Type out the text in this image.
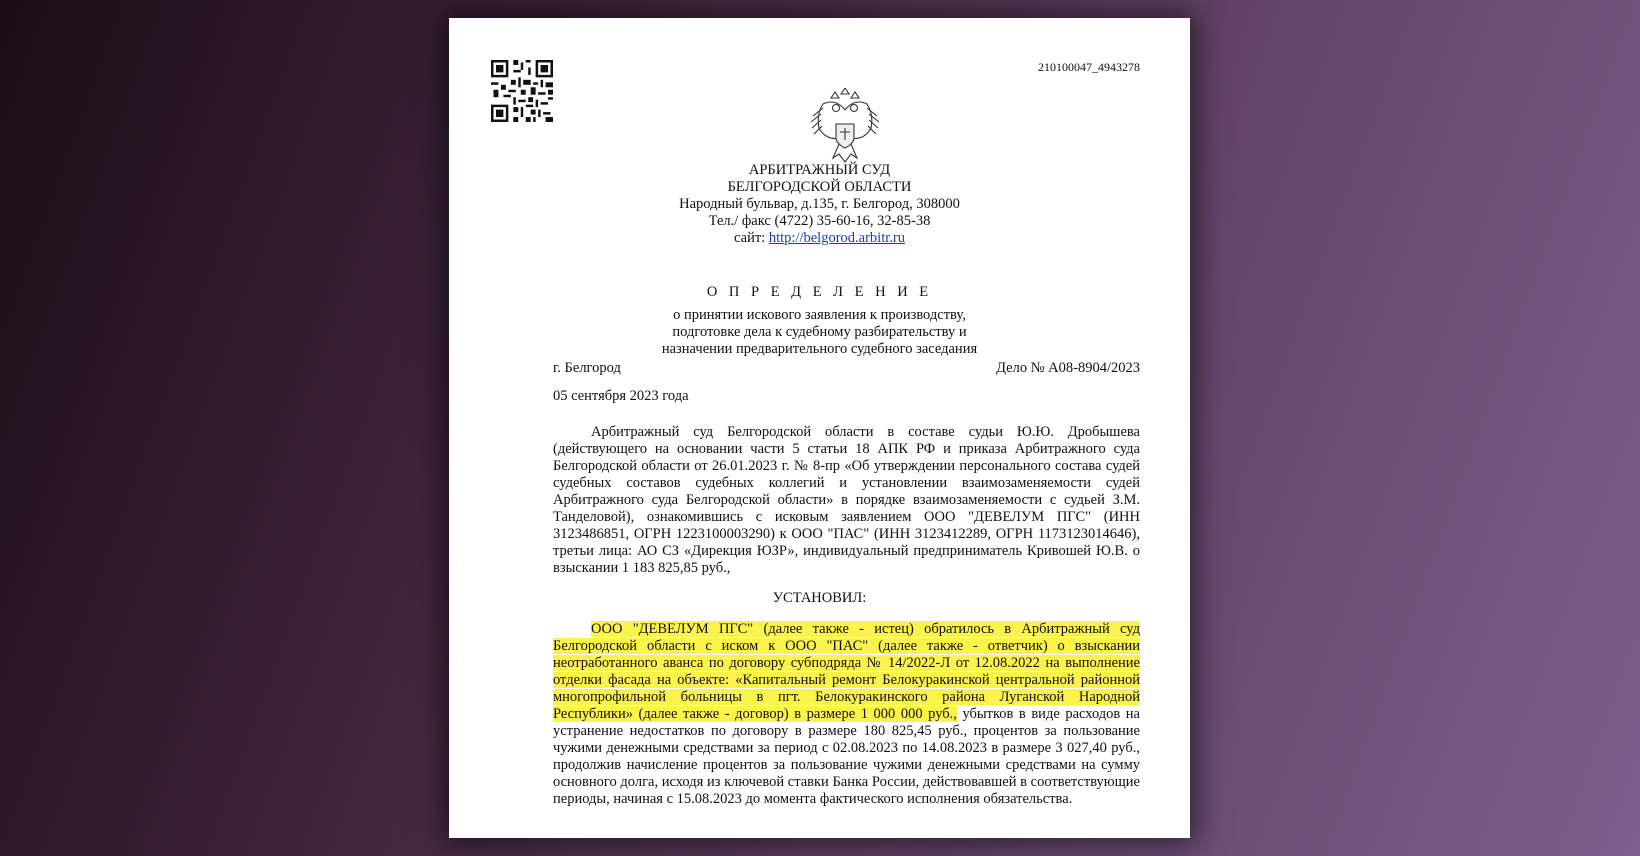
210100047_4943278
АРБИТРАЖНЫЙ СУД
БЕЛГОРОДСКОЙ ОБЛАСТИ
Народный бульвар, д.135, г. Белгород, 308000
Тел./ факс (4722) 35-60-16, 32-85-38
сайт: http://belgorod.arbitr.ru
О П Р Е Д Е Л Е Н И Е
о принятии искового заявления к производству,
подготовке дела к судебному разбирательству и
назначении предварительного судебного заседания
г. Белгород	Дело № А08-8904/2023
05 сентября 2023 года
Арбитражный суд Белгородской области в составе судьи Ю.Ю. Дробышева (действующего на основании части 5 статьи 18 АПК РФ и приказа Арбитражного суда Белгородской области от 26.01.2023 г. № 8-пр «Об утверждении персонального состава судей судебных составов судебных коллегий и установлении взаимозаменяемости судей Арбитражного суда Белгородской области» в порядке взаимозаменяемости с судьей З.М. Танделовой), ознакомившись с исковым заявлением ООО "ДЕВЕЛУМ ПГС" (ИНН 3123486851, ОГРН 1223100003290) к ООО "ПАС" (ИНН 3123412289, ОГРН 1173123014646), третьи лица: АО СЗ «Дирекция ЮЗР», индивидуальный предприниматель Кривошей Ю.В. о взыскании 1 183 825,85 руб.,
УСТАНОВИЛ:
ООО "ДЕВЕЛУМ ПГС" (далее также - истец) обратилось в Арбитражный суд Белгородской области с иском к ООО "ПАС" (далее также - ответчик) о взыскании неотработанного аванса по договору субподряда № 14/2022-Л от 12.08.2022 на выполнение отделки фасада на объекте: «Капитальный ремонт Белокуракинской центральной районной многопрофильной больницы в пгт. Белокуракинского района Луганской Народной Республики» (далее также - договор) в размере 1 000 000 руб., убытков в виде расходов на устранение недостатков по договору в размере 180 825,45 руб., процентов за пользование чужими денежными средствами за период с 02.08.2023 по 14.08.2023 в размере 3 027,40 руб., продолжив начисление процентов за пользование чужими денежными средствами на сумму основного долга, исходя из ключевой ставки Банка России, действовавшей в соответствующие периоды, начиная с 15.08.2023 до момента фактического исполнения обязательства.
